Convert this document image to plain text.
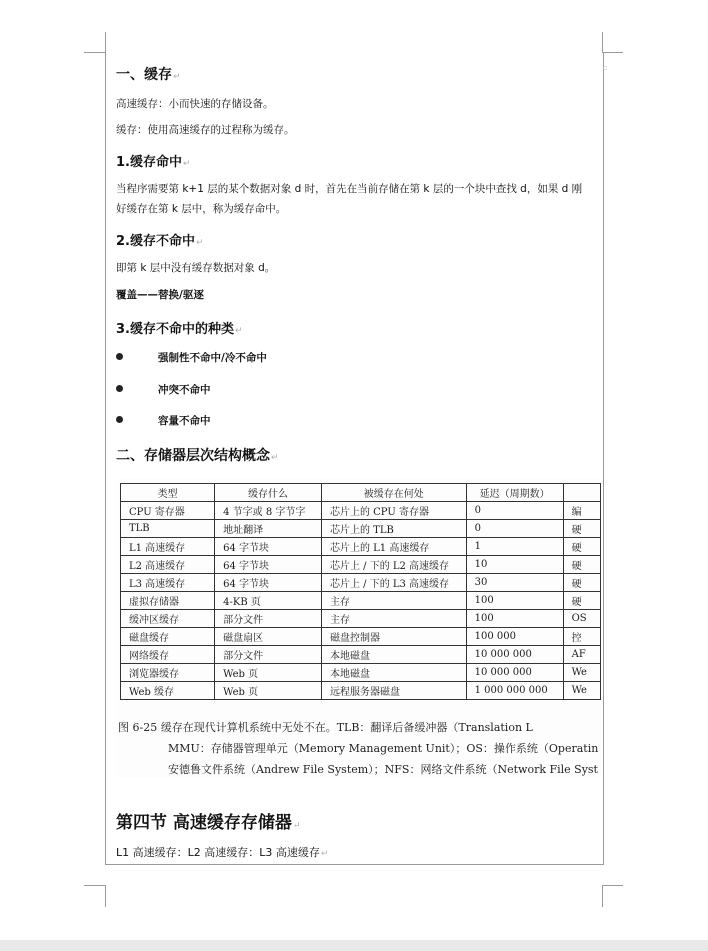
▫
一、缓存↵
高速缓存：小而快速的存储设备。
缓存：使用高速缓存的过程称为缓存。
1.缓存命中↵
当程序需要第 k+1 层的某个数据对象 d 时，首先在当前存储在第 k 层的一个块中查找 d，如果 d 刚
好缓存在第 k 层中，称为缓存命中。
2.缓存不命中↵
即第 k 层中没有缓存数据对象 d。
覆盖——替换/驱逐
3.缓存不命中的种类↵
强制性不命中/冷不命中
冲突不命中
容量不命中
二、存储器层次结构概念↵
第四节 高速缓存存储器↵
L1 高速缓存：L2 高速缓存：L3 高速缓存↵
类型	缓存什么	被缓存在何处	延迟（周期数）	
CPU 寄存器	4 节字或 8 字节字	芯片上的 CPU 寄存器	0	编
TLB	地址翻译	芯片上的 TLB	0	硬
L1 高速缓存	64 字节块	芯片上的 L1 高速缓存	1	硬
L2 高速缓存	64 字节块	芯片上 / 下的 L2 高速缓存	10	硬
L3 高速缓存	64 字节块	芯片上 / 下的 L3 高速缓存	30	硬
虚拟存储器	4-KB 页	主存	100	硬
缓冲区缓存	部分文件	主存	100	OS
磁盘缓存	磁盘扇区	磁盘控制器	100 000	控
网络缓存	部分文件	本地磁盘	10 000 000	AF
浏览器缓存	Web 页	本地磁盘	10 000 000	We
Web 缓存	Web 页	远程服务器磁盘	1 000 000 000	We
图 6-25 缓存在现代计算机系统中无处不在。TLB：翻译后备缓冲器（Translation L
MMU：存储器管理单元（Memory Management Unit）；OS：操作系统（Operatin
安德鲁文件系统（Andrew File System）；NFS：网络文件系统（Network File Syst
